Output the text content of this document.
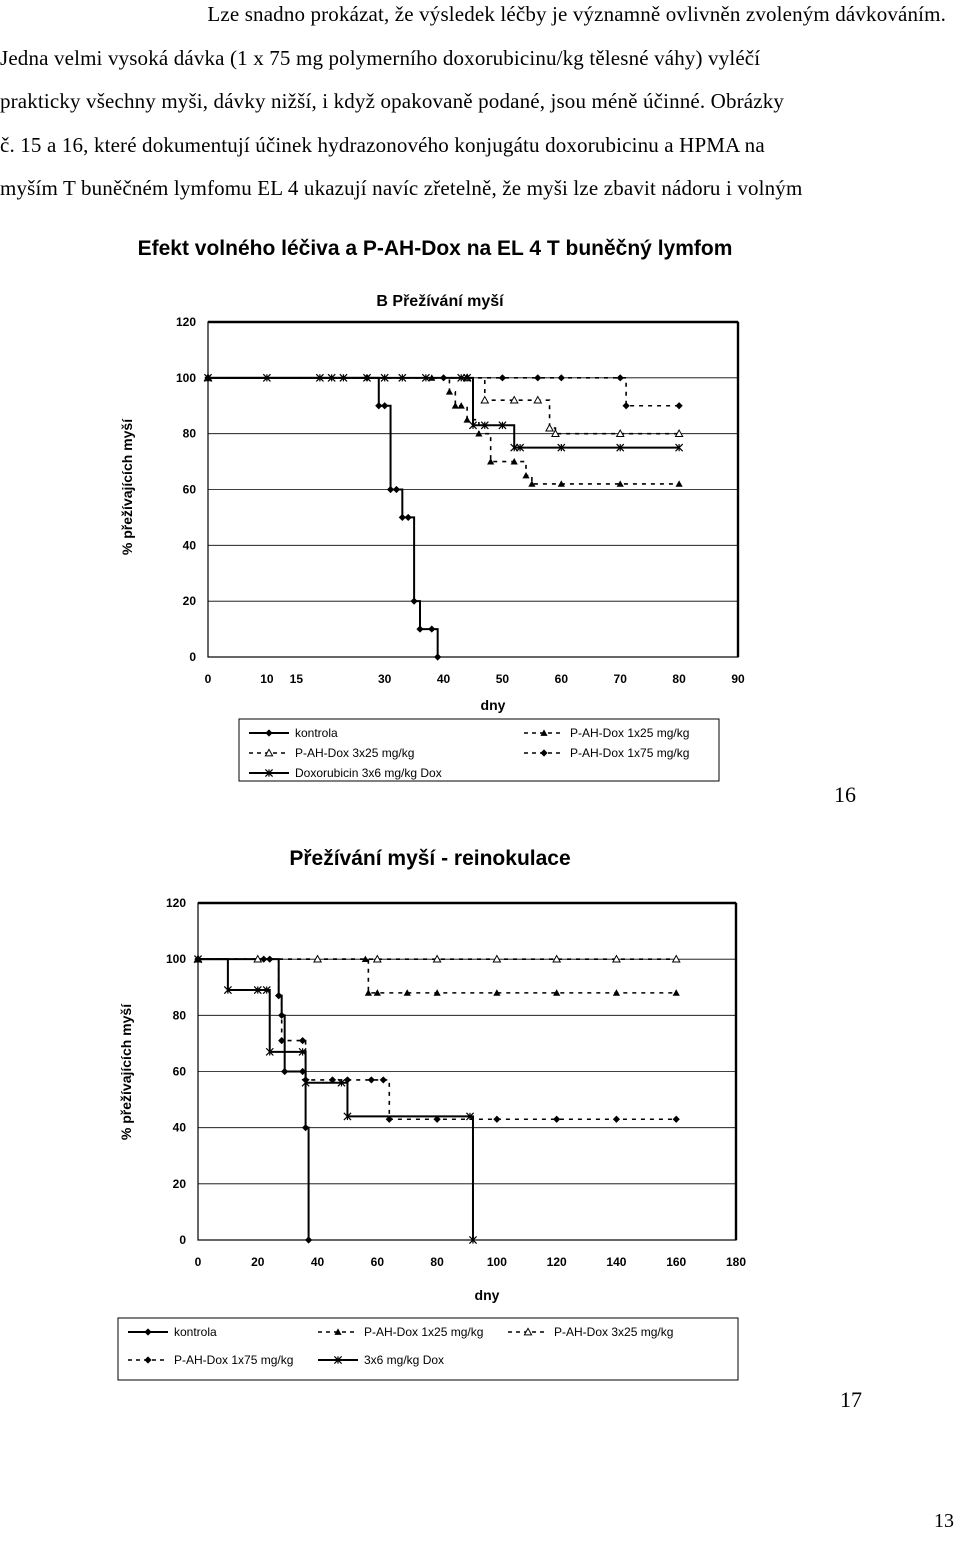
Lze snadno prokázat, že výsledek léčby je významně ovlivněn zvoleným dávkováním.
Jedna velmi vysoká dávka (1 x 75 mg polymerního doxorubicinu/kg tělesné váhy) vyléčí
prakticky všechny myši, dávky nižší, i když opakovaně podané, jsou méně účinné. Obrázky
č. 15 a 16, které dokumentují účinek hydrazonového konjugátu doxorubicinu a HPMA na
myším T buněčném lymfomu EL 4 ukazují navíc zřetelně, že myši lze zbavit nádoru i volným
Efekt volného léčiva a P-AH-Dox na EL 4 T buněčný lymfom
B Přežívání myší
0
20
40
60
80
100
120
0	10 15	30	40	50	60	70	80	90
dny
% přežívajících myší
kontrola	P-AH-Dox 1x25 mg/kg
P-AH-Dox 3x25 mg/kg	P-AH-Dox 1x75 mg/kg
Doxorubicin 3x6 mg/kg Dox
16
Přežívání myší - reinokulace
0
20
40
60
80
100
120
0	20	40	60	80	100	120	140	160	180
dny
% přežívajících myší
kontrola	P-AH-Dox 1x25 mg/kg	P-AH-Dox 3x25 mg/kg
P-AH-Dox 1x75 mg/kg	3x6 mg/kg Dox
17
13
